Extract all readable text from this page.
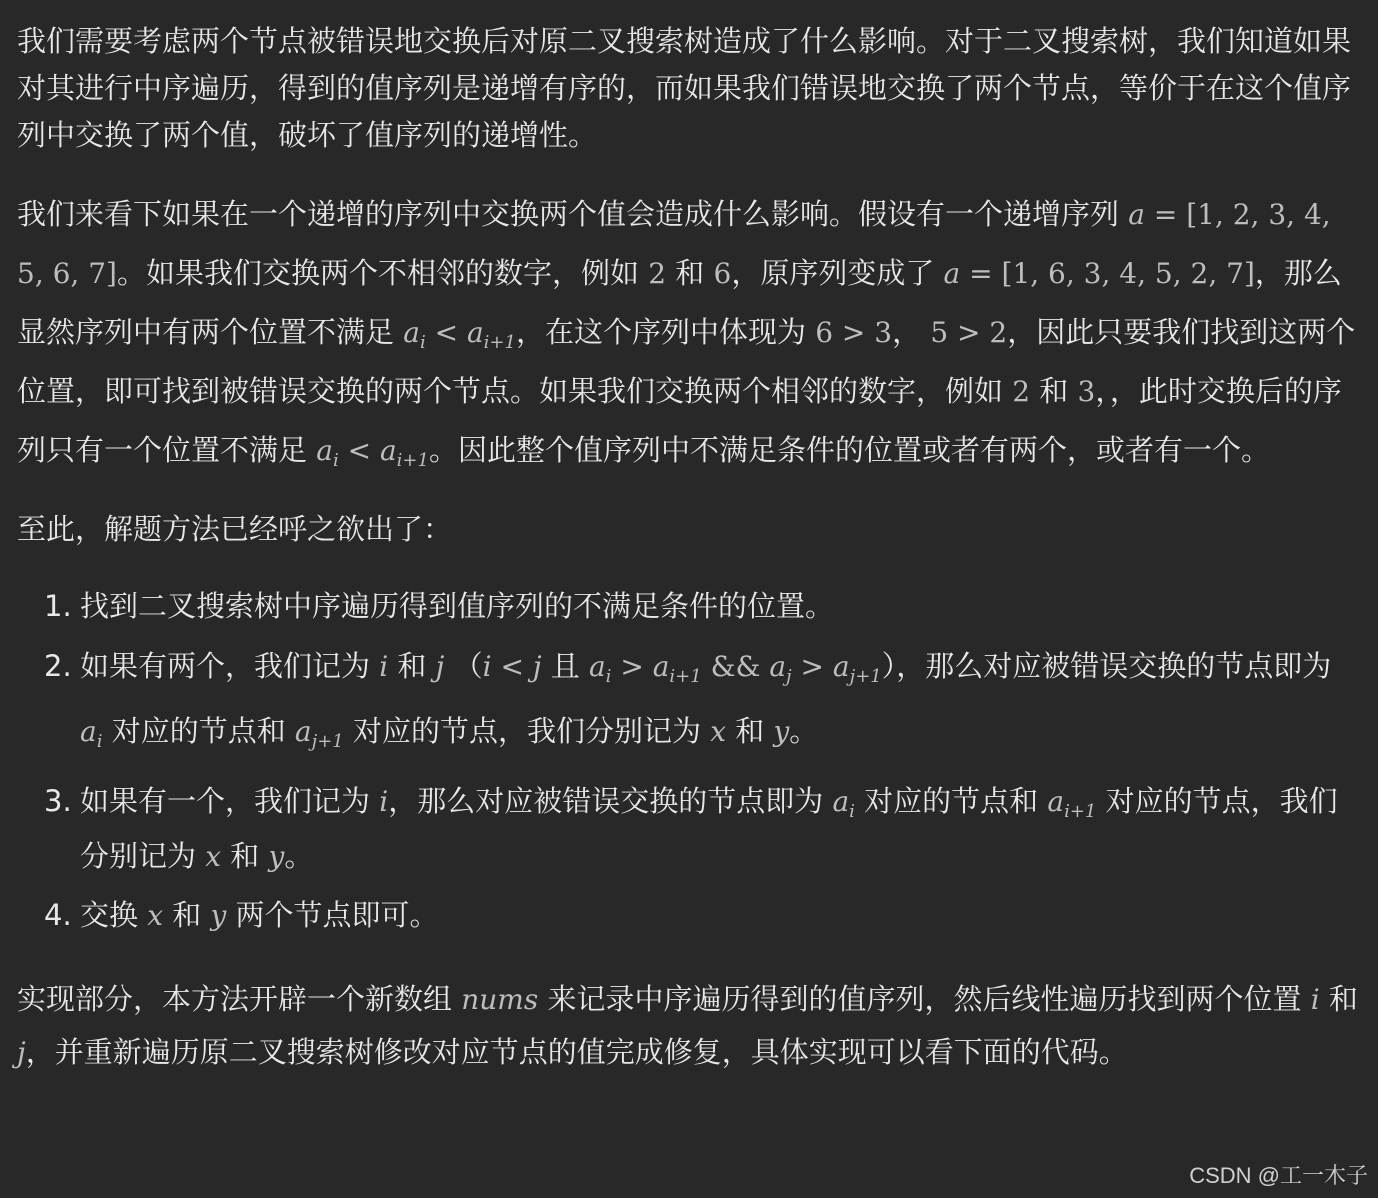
我们需要考虑两个节点被错误地交换后对原二叉搜索树造成了什么影响。对于二叉搜索树，我们知道如果对其进行中序遍历，得到的值序列是递增有序的，而如果我们错误地交换了两个节点，等价于在这个值序列中交换了两个值，破坏了值序列的递增性。

我们来看下如果在一个递增的序列中交换两个值会造成什么影响。假设有一个递增序列 a = [1, 2, 3, 4, 5, 6, 7]。如果我们交换两个不相邻的数字，例如 2 和 6，原序列变成了 a = [1, 6, 3, 4, 5, 2, 7]，那么显然序列中有两个位置不满足 $a_i < a_{i+1}$，在这个序列中体现为 6 > 3， 5 > 2，因此只要我们找到这两个位置，即可找到被错误交换的两个节点。如果我们交换两个相邻的数字，例如 2 和 3，，此时交换后的序列只有一个位置不满足 $a_i < a_{i+1}$。因此整个值序列中不满足条件的位置或者有两个，或者有一个。

至此，解题方法已经呼之欲出了：

1. 找到二叉搜索树中序遍历得到值序列的不满足条件的位置。
2. 如果有两个，我们记为 i 和 j （i < j 且 $a_i > a_{i+1}$ && $a_j > a_{j+1}$），那么对应被错误交换的节点即为 $a_i$ 对应的节点和 $a_{j+1}$ 对应的节点，我们分别记为 x 和 y。
3. 如果有一个，我们记为 i，那么对应被错误交换的节点即为 $a_i$ 对应的节点和 $a_{i+1}$ 对应的节点，我们分别记为 x 和 y。
4. 交换 x 和 y 两个节点即可。

实现部分，本方法开辟一个新数组 nums 来记录中序遍历得到的值序列，然后线性遍历找到两个位置 i 和 j，并重新遍历原二叉搜索树修改对应节点的值完成修复，具体实现可以看下面的代码。

CSDN @工一木子
